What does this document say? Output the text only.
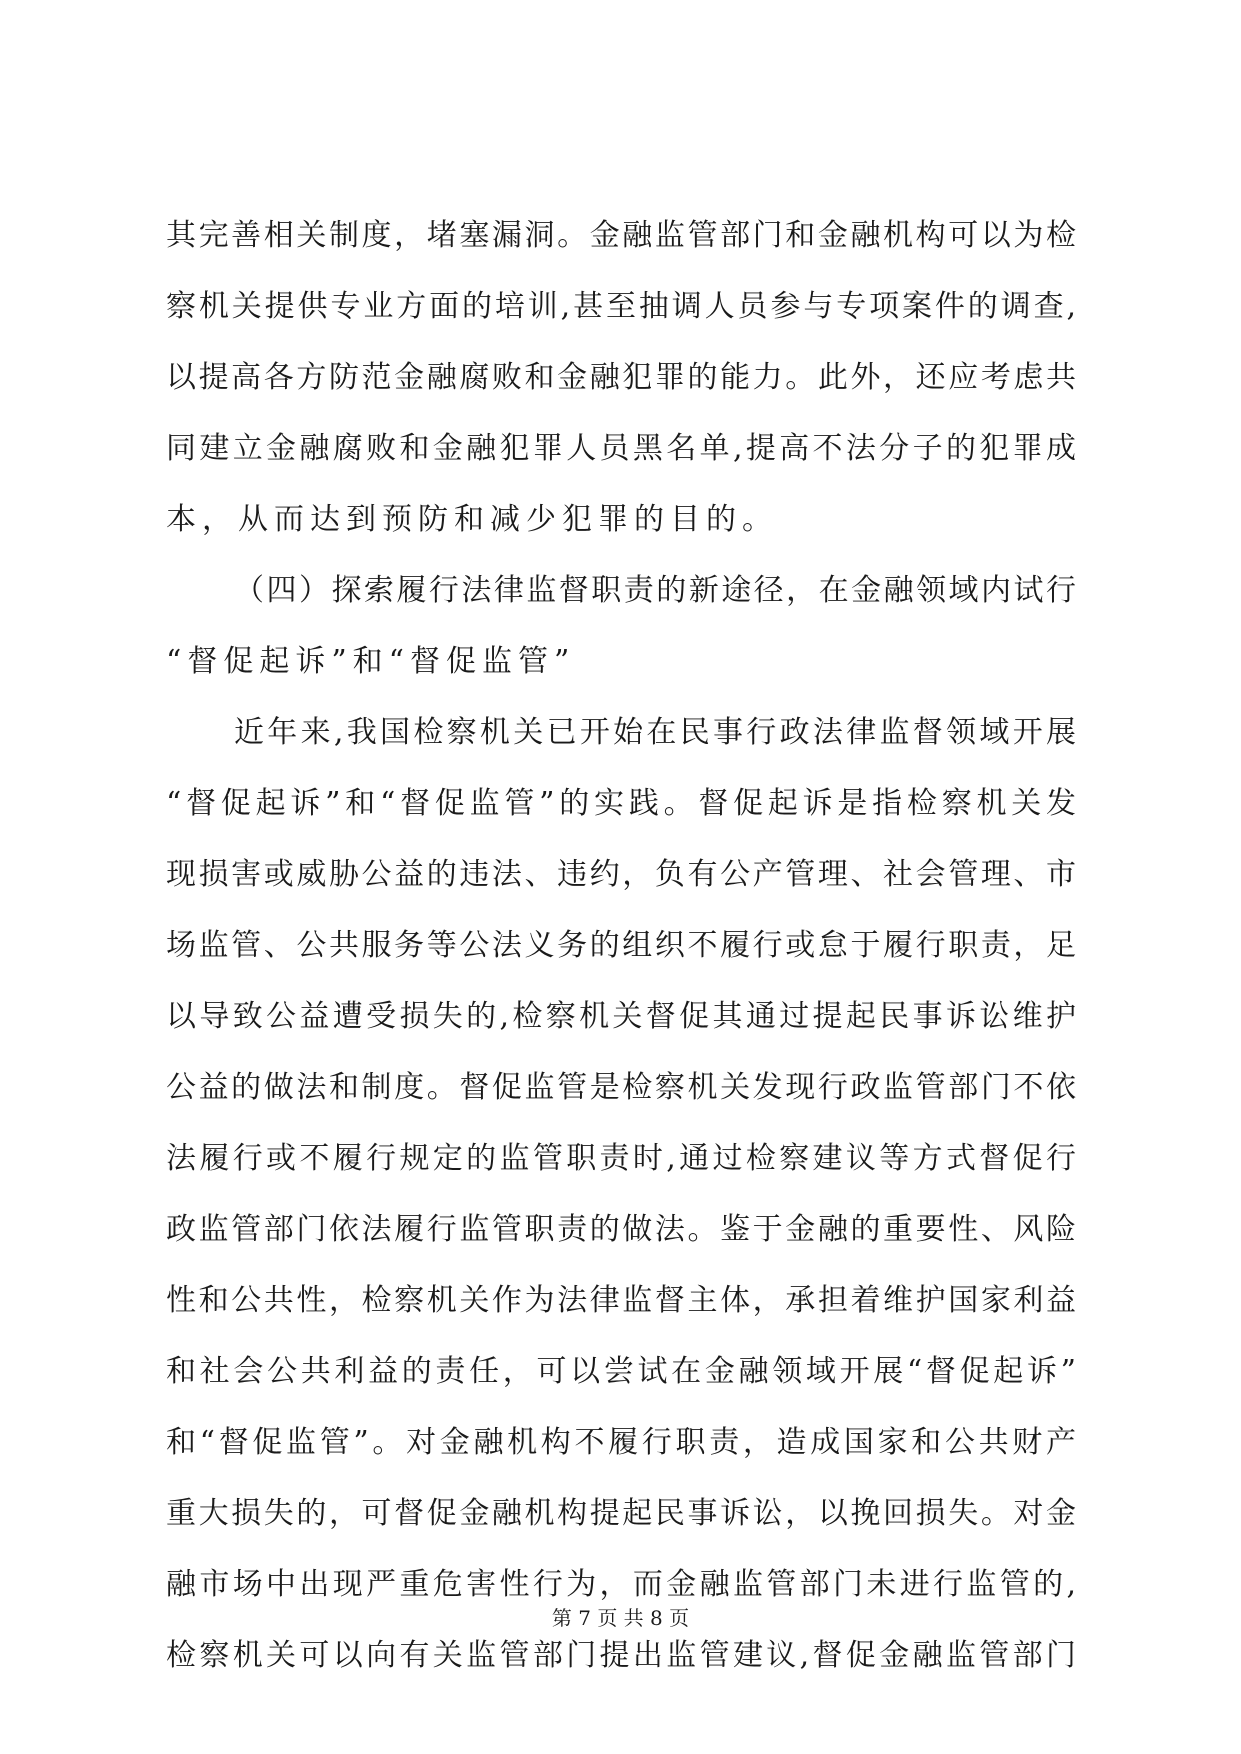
其完善相关制度，堵塞漏洞。金融监管部门和金融机构可以为检
察机关提供专业方面的培训,甚至抽调人员参与专项案件的调查,
以提高各方防范金融腐败和金融犯罪的能力。此外，还应考虑共
同建立金融腐败和金融犯罪人员黑名单,提高不法分子的犯罪成
本，从而达到预防和减少犯罪的目的。
（四）探索履行法律监督职责的新途径，在金融领域内试行
“督促起诉”和“督促监管”
近年来,我国检察机关已开始在民事行政法律监督领域开展
“督促起诉”和“督促监管”的实践。督促起诉是指检察机关发
现损害或威胁公益的违法、违约，负有公产管理、社会管理、市
场监管、公共服务等公法义务的组织不履行或怠于履行职责，足
以导致公益遭受损失的,检察机关督促其通过提起民事诉讼维护
公益的做法和制度。督促监管是检察机关发现行政监管部门不依
法履行或不履行规定的监管职责时,通过检察建议等方式督促行
政监管部门依法履行监管职责的做法。鉴于金融的重要性、风险
性和公共性，检察机关作为法律监督主体，承担着维护国家利益
和社会公共利益的责任，可以尝试在金融领域开展“督促起诉”
和“督促监管”。对金融机构不履行职责，造成国家和公共财产
重大损失的，可督促金融机构提起民事诉讼，以挽回损失。对金
融市场中出现严重危害性行为，而金融监管部门未进行监管的,
检察机关可以向有关监管部门提出监管建议,督促金融监管部门
第 7 页 共 8 页
